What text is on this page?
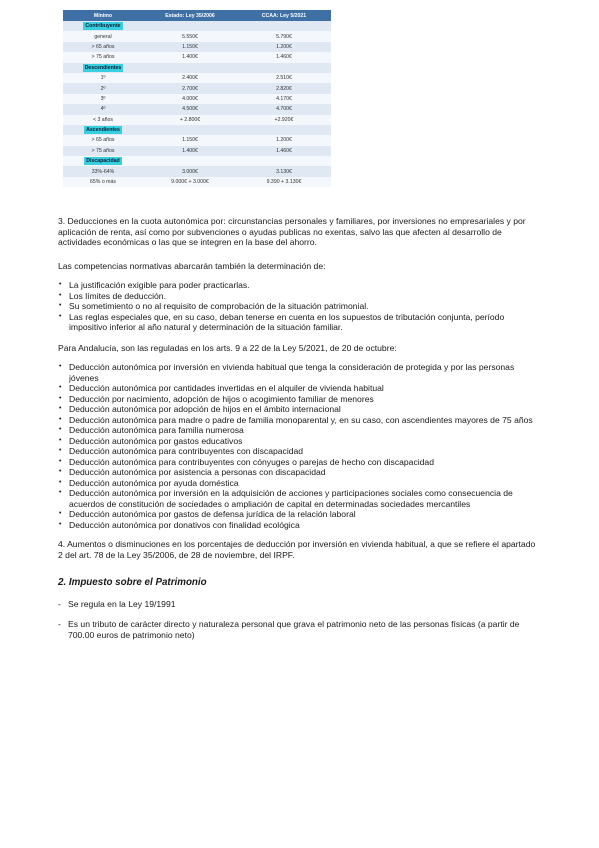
Mínimo	Estado: Ley 35/2006	CCAA: Ley 5/2021
Contribuyente		
general	5.550€	5.790€
> 65 años	1.150€	1.200€
> 75 años	1.400€	1.460€
Descendientes		
1º	2.400€	2.510€
2º	2.700€	2.820€
3º	4.000€	4.170€
4º	4.500€	4.700€
< 3 años	+ 2.800€	+2.920€
Ascendientes		
> 65 años	1.150€	1.200€
> 75 años	1.400€	1.460€
Discapacidad		
33%-64%	3.000€	3.130€
65% o más	9.000€ + 3.000€	9.390 + 3.130€

3. Deducciones en la cuota autonómica por: circunstancias personales y familiares, por inversiones no empresariales y por aplicación de renta, así como por subvenciones o ayudas publicas no exentas, salvo las que afecten al desarrollo de actividades económicas o las que se integren en la base del ahorro.

Las competencias normativas abarcarán también la determinación de:

• La justificación exigible para poder practicarlas.
• Los límites de deducción.
• Su sometimiento o no al requisito de comprobación de la situación patrimonial.
• Las reglas especiales que, en su caso, deban tenerse en cuenta en los supuestos de tributación conjunta, período impositivo inferior al año natural y determinación de la situación familiar.

Para Andalucía, son las reguladas en los arts. 9 a 22 de la Ley 5/2021, de 20 de octubre:

• Deducción autonómica por inversión en vivienda habitual que tenga la consideración de protegida y por las personas jóvenes
• Deducción autonómica por cantidades invertidas en el alquiler de vivienda habitual
• Deducción por nacimiento, adopción de hijos o acogimiento familiar de menores
• Deducción autonómica por adopción de hijos en el ámbito internacional
• Deducción autonómica para madre o padre de familia monoparental y, en su caso, con ascendientes mayores de 75 años
• Deducción autonómica para familia numerosa
• Deducción autonómica por gastos educativos
• Deducción autonómica para contribuyentes con discapacidad
• Deducción autonómica para contribuyentes con cónyuges o parejas de hecho con discapacidad
• Deducción autonómica por asistencia a personas con discapacidad
• Deducción autonómica por ayuda doméstica
• Deducción autonómica por inversión en la adquisición de acciones y participaciones sociales como consecuencia de acuerdos de constitución de sociedades o ampliación de capital en determinadas sociedades mercantiles
• Deducción autonómica por gastos de defensa jurídica de la relación laboral
• Deducción autonómica por donativos con finalidad ecológica

4. Aumentos o disminuciones en los porcentajes de deducción por inversión en vivienda habitual, a que se refiere el apartado 2 del art. 78 de la Ley 35/2006, de 28 de noviembre, del IRPF.

2. Impuesto sobre el Patrimonio

- Se regula en la Ley 19/1991
- Es un tributo de carácter directo y naturaleza personal que grava el patrimonio neto de las personas físicas (a partir de 700.00 euros de patrimonio neto)
